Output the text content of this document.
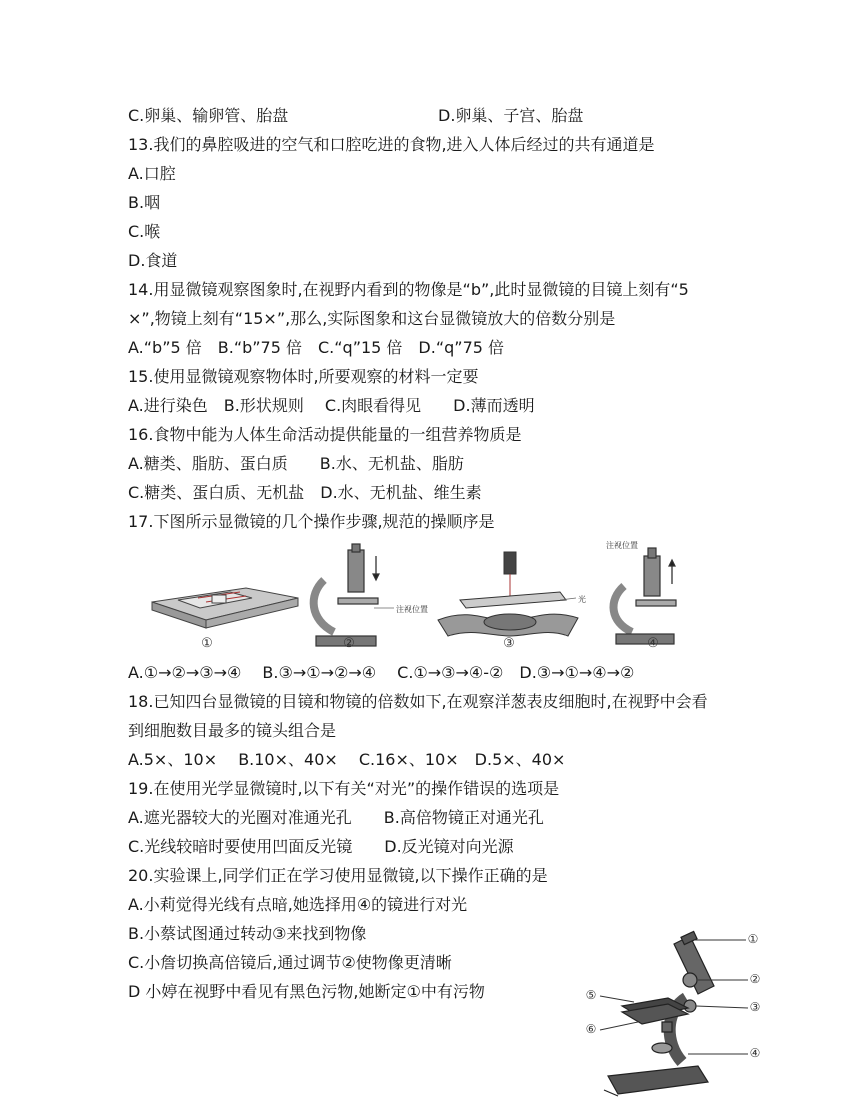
C.卵巢、输卵管、胎盘	D.卵巢、子宫、胎盘
13.我们的鼻腔吸进的空气和口腔吃进的食物,进入人体后经过的共有通道是
A.口腔
B.咽
C.喉
D.食道
14.用显微镜观察图象时,在视野内看到的物像是“b”,此时显微镜的目镜上刻有“5
×”,物镜上刻有“15×”,那么,实际图象和这台显微镜放大的倍数分别是
A.“b”5 倍　B.“b”75 倍　C.“q”15 倍　D.“q”75 倍
15.使用显微镜观察物体时,所要观察的材料一定要
A.进行染色　B.形状规则　 C.肉眼看得见　　D.薄而透明
16.食物中能为人体生命活动提供能量的一组营养物质是
A.糖类、脂肪、蛋白质　　B.水、无机盐、脂肪
C.糖类、蛋白质、无机盐　D.水、无机盐、维生素
17.下图所示显微镜的几个操作步骤,规范的操顺序是
①	②	③	④
注视位置
注视位置
光
A.①→②→③→④　 B.③→①→②→④　 C.①→③→④-②　D.③→①→④→②
18.已知四台显微镜的目镜和物镜的倍数如下,在观察洋葱表皮细胞时,在视野中会看
到细胞数目最多的镜头组合是
A.5×、10×　 B.10×、40×　 C.16×、10×　D.5×、40×
19.在使用光学显微镜时,以下有关“对光”的操作错误的选项是
A.遮光器较大的光圈对准通光孔　　B.高倍物镜正对通光孔
C.光线较暗时要使用凹面反光镜　　D.反光镜对向光源
20.实验课上,同学们正在学习使用显微镜,以下操作正确的是
A.小莉觉得光线有点暗,她选择用④的镜进行对光
B.小蔡试图通过转动③来找到物像
C.小詹切换高倍镜后,通过调节②使物像更清晰
D 小婷在视野中看见有黑色污物,她断定①中有污物
①
②
③
④
⑤
⑥
